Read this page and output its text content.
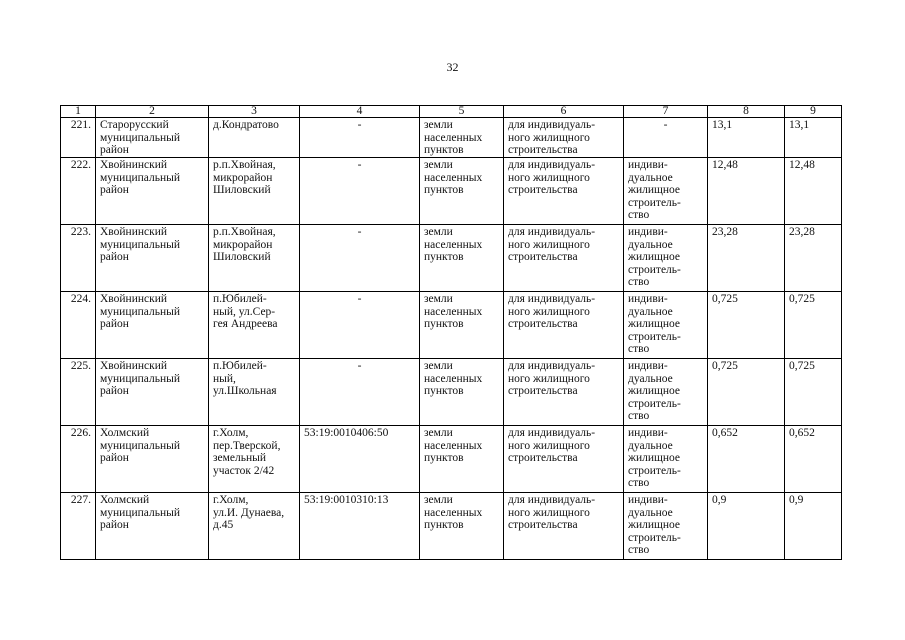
32
1	2	3	4	5	6	7	8	9

221.	Старорусский
муниципальный
район	д.Кондратово	-	земли
населенных
пунктов	для индивидуаль-
ного жилищного
строительства	-	13,1	13,1

222.	Хвойнинский
муниципальный
район	р.п.Хвойная,
микрорайон
Шиловский	-	земли
населенных
пунктов	для индивидуаль-
ного жилищного
строительства	индиви-
дуальное
жилищное
строитель-
ство	12,48	12,48

223.	Хвойнинский
муниципальный
район	р.п.Хвойная,
микрорайон
Шиловский	-	земли
населенных
пунктов	для индивидуаль-
ного жилищного
строительства	индиви-
дуальное
жилищное
строитель-
ство	23,28	23,28

224.	Хвойнинский
муниципальный
район	п.Юбилей-
ный, ул.Сер-
гея Андреева	-	земли
населенных
пунктов	для индивидуаль-
ного жилищного
строительства	индиви-
дуальное
жилищное
строитель-
ство	0,725	0,725

225.	Хвойнинский
муниципальный
район	п.Юбилей-
ный,
ул.Школьная	-	земли
населенных
пунктов	для индивидуаль-
ного жилищного
строительства	индиви-
дуальное
жилищное
строитель-
ство	0,725	0,725

226.	Холмский
муниципальный
район	г.Холм,
пер.Тверской,
земельный
участок 2/42	53:19:0010406:50	земли
населенных
пунктов	для индивидуаль-
ного жилищного
строительства	индиви-
дуальное
жилищное
строитель-
ство	0,652	0,652

227.	Холмский
муниципальный
район	г.Холм,
ул.И. Дунаева,
д.45	53:19:0010310:13	земли
населенных
пунктов	для индивидуаль-
ного жилищного
строительства	индиви-
дуальное
жилищное
строитель-
ство	0,9	0,9
